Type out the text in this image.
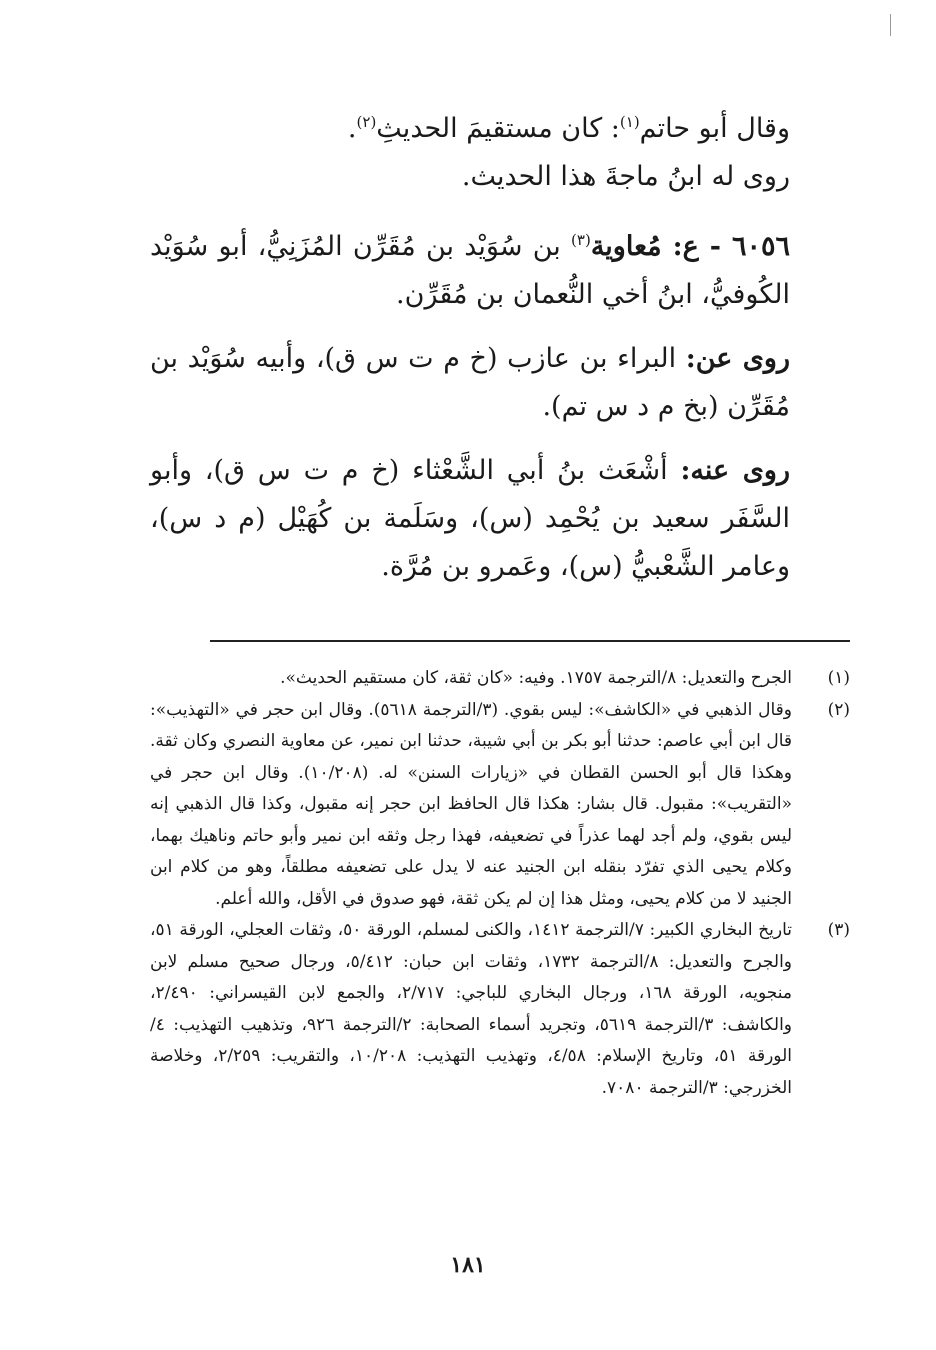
وقال أبو حاتم$^{(١)}$: كان مستقيمَ الحديثِ$^{(٢)}$.

روى له ابنُ ماجةَ هذا الحديث.

٦٠٥٦ - ع: مُعاوية$^{(٣)}$ بن سُوَيْد بن مُقَرِّن المُزَنِيُّ، أبو سُوَيْد الكُوفيُّ، ابنُ أخي النُّعمان بن مُقَرِّن.

روى عن: البراء بن عازب (خ م ت س ق)، وأبيه سُوَيْد بن مُقَرِّن (بخ م د س تم).

روى عنه: أشْعَث بنُ أبي الشَّعْثاء (خ م ت س ق)، وأبو السَّفَر سعيد بن يُحْمِد (س)، وسَلَمة بن كُهَيْل (م د س)، وعامر الشَّعْبيُّ (س)، وعَمرو بن مُرَّة.

(١)
الجرح والتعديل: ٨/الترجمة ١٧٥٧. وفيه: «كان ثقة، كان مستقيم الحديث».
(٢)
وقال الذهبي في «الكاشف»: ليس بقوي. (٣/الترجمة ٥٦١٨). وقال ابن حجر في «التهذيب»: قال ابن أبي عاصم: حدثنا أبو بكر بن أبي شيبة، حدثنا ابن نمير، عن معاوية النصري وكان ثقة. وهكذا قال أبو الحسن القطان في «زيارات السنن» له. (١٠/٢٠٨). وقال ابن حجر في «التقريب»: مقبول. قال بشار: هكذا قال الحافظ ابن حجر إنه مقبول، وكذا قال الذهبي إنه ليس بقوي، ولم أجد لهما عذراً في تضعيفه، فهذا رجل وثقه ابن نمير وأبو حاتم وناهيك بهما، وكلام يحيى الذي تفرّد بنقله ابن الجنيد عنه لا يدل على تضعيفه مطلقاً، وهو من كلام ابن الجنيد لا من كلام يحيى، ومثل هذا إن لم يكن ثقة، فهو صدوق في الأقل، والله أعلم.
(٣)
تاريخ البخاري الكبير: ٧/الترجمة ١٤١٢، والكنى لمسلم، الورقة ٥٠، وثقات العجلي، الورقة ٥١، والجرح والتعديل: ٨/الترجمة ١٧٣٢، وثقات ابن حبان: ٥/٤١٢، ورجال صحيح مسلم لابن منجويه، الورقة ١٦٨، ورجال البخاري للباجي: ٢/٧١٧، والجمع لابن القيسراني: ٢/٤٩٠، والكاشف: ٣/الترجمة ٥٦١٩، وتجريد أسماء الصحابة: ٢/الترجمة ٩٢٦، وتذهيب التهذيب: ٤/الورقة ٥١، وتاريخ الإسلام: ٤/٥٨، وتهذيب التهذيب: ١٠/٢٠٨، والتقريب: ٢/٢٥٩، وخلاصة الخزرجي: ٣/الترجمة ٧٠٨٠.
١٨١
